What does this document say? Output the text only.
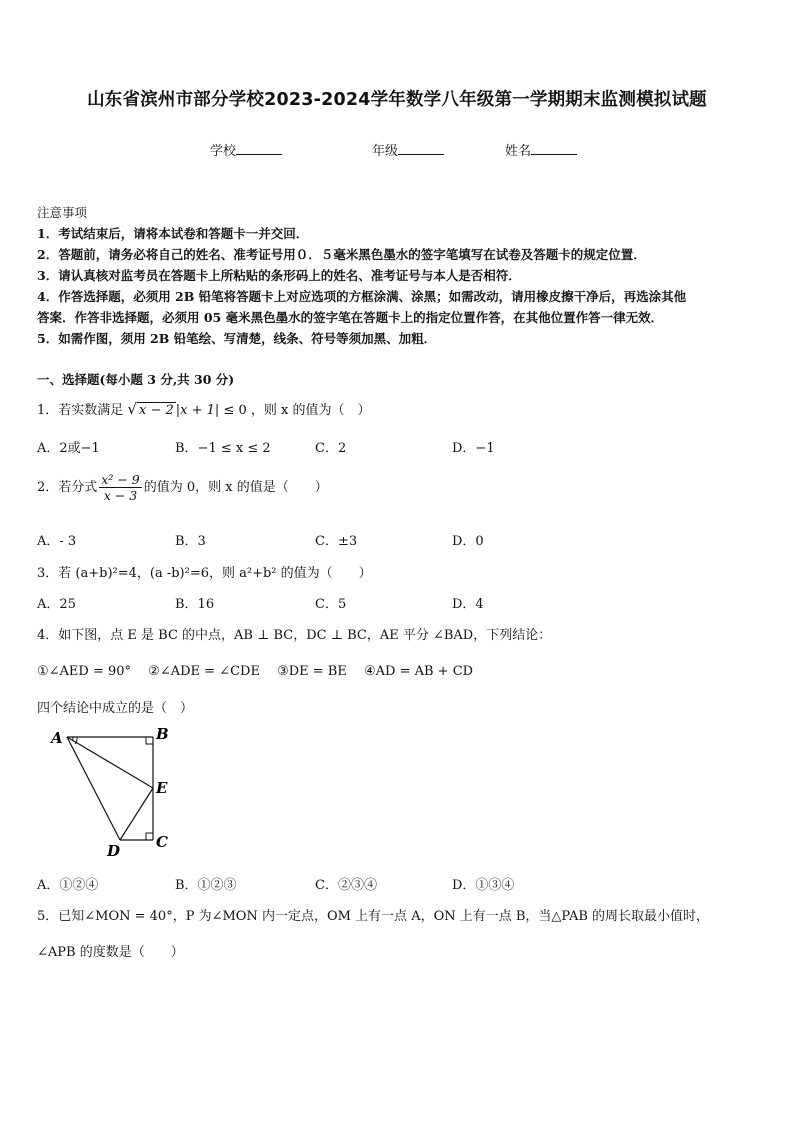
山东省滨州市部分学校2023-2024学年数学八年级第一学期期末监测模拟试题
学校	年级	姓名
注意事项
1．考试结束后，请将本试卷和答题卡一并交回．
2．答题前，请务必将自己的姓名、准考证号用０．５毫米黑色墨水的签字笔填写在试卷及答题卡的规定位置．
3．请认真核对监考员在答题卡上所粘贴的条形码上的姓名、准考证号与本人是否相符．
4．作答选择题，必须用 2B 铅笔将答题卡上对应选项的方框涂满、涂黑；如需改动，请用橡皮擦干净后，再选涂其他
答案．作答非选择题，必须用 05 毫米黑色墨水的签字笔在答题卡上的指定位置作答，在其他位置作答一律无效．
5．如需作图，须用 2B 铅笔绘、写清楚，线条、符号等须加黑、加粗．
一、选择题(每小题 3 分,共 30 分)
1．若实数满足 √ x − 2 |x + 1| ≤ 0 ，则 x 的值为（　）
A．2或−1	B．−1 ≤ x ≤ 2	C．2	D．−1
2．若分式 $\frac{\text{x² − 9}}{x - 3}$ 的值为 0，则 x 的值是（　　）
A．- 3	B．3	C．±3	D．0
3．若 (a+b)²=4，(a -b)²=6，则 a²+b² 的值为（　　）
A．25	B．16	C．5	D．4
4．如下图，点 E 是 BC 的中点，AB ⊥ BC，DC ⊥ BC，AE 平分 ∠BAD，下列结论：
①∠AED = 90°　 ②∠ADE = ∠CDE　 ③DE = BE　 ④AD = AB + CD
四个结论中成立的是（　）
A	B
E
C
D
A．①②④	B．①②③	C．②③④	D．①③④
5．已知∠MON = 40°，P 为∠MON 内一定点，OM 上有一点 A，ON 上有一点 B，当△PAB 的周长取最小值时，
∠APB 的度数是（　　）
